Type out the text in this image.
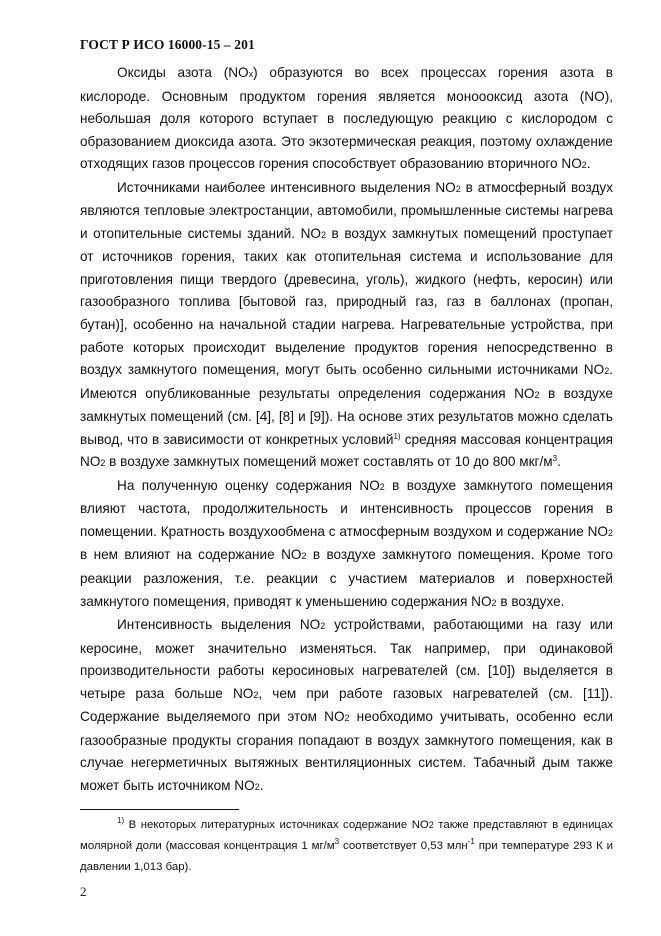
ГОСТ Р ИСО 16000-15 – 201

Оксиды азота (NOx) образуются во всех процессах горения азота в кислороде. Основным продуктом горения является моноооксид азота (NO), небольшая доля которого вступает в последующую реакцию с кислородом с образованием диоксида азота. Это экзотермическая реакция, поэтому охлаждение отходящих газов процессов горения способствует образованию вторичного NO2.

Источниками наиболее интенсивного выделения NO2 в атмосферный воздух являются тепловые электростанции, автомобили, промышленные системы нагрева и отопительные системы зданий. NO2 в воздух замкнутых помещений проступает от источников горения, таких как отопительная система и использование для приготовления пищи твердого (древесина, уголь), жидкого (нефть, керосин) или газообразного топлива [бытовой газ, природный газ, газ в баллонах (пропан, бутан)], особенно на начальной стадии нагрева. Нагревательные устройства, при работе которых происходит выделение продуктов горения непосредственно в воздух замкнутого помещения, могут быть особенно сильными источниками NO2. Имеются опубликованные результаты определения содержания NO2 в воздухе замкнутых помещений (см. [4], [8] и [9]). На основе этих результатов можно сделать вывод, что в зависимости от конкретных условий$^{1)}$ средняя массовая концентрация NO2 в воздухе замкнутых помещений может составлять от 10 до 800 мкг/$м^3$.

На полученную оценку содержания NO2 в воздухе замкнутого помещения влияют частота, продолжительность и интенсивность процессов горения в помещении. Кратность воздухообмена с атмосферным воздухом и содержание NO2 в нем влияют на содержание NO2 в воздухе замкнутого помещения. Кроме того реакции разложения, т.е. реакции с участием материалов и поверхностей замкнутого помещения, приводят к уменьшению содержания NO2 в воздухе.

Интенсивность выделения NO2 устройствами, работающими на газу или керосине, может значительно изменяться. Так например, при одинаковой производительности работы керосиновых нагревателей (см. [10]) выделяется в четыре раза больше NO2, чем при работе газовых нагревателей (см. [11]). Содержание выделяемого при этом NO2 необходимо учитывать, особенно если газообразные продукты сгорания попадают в воздух замкнутого помещения, как в случае негерметичных вытяжных вентиляционных систем. Табачный дым также может быть источником NO2.

$^{1)}$ В некоторых литературных источниках содержание NO2 также представляют в единицах молярной доли (массовая концентрация 1 $мг/м^3$ соответствует 0,53 млн$^{-1}$ при температуре 293 К и давлении 1,013 бар).

2
